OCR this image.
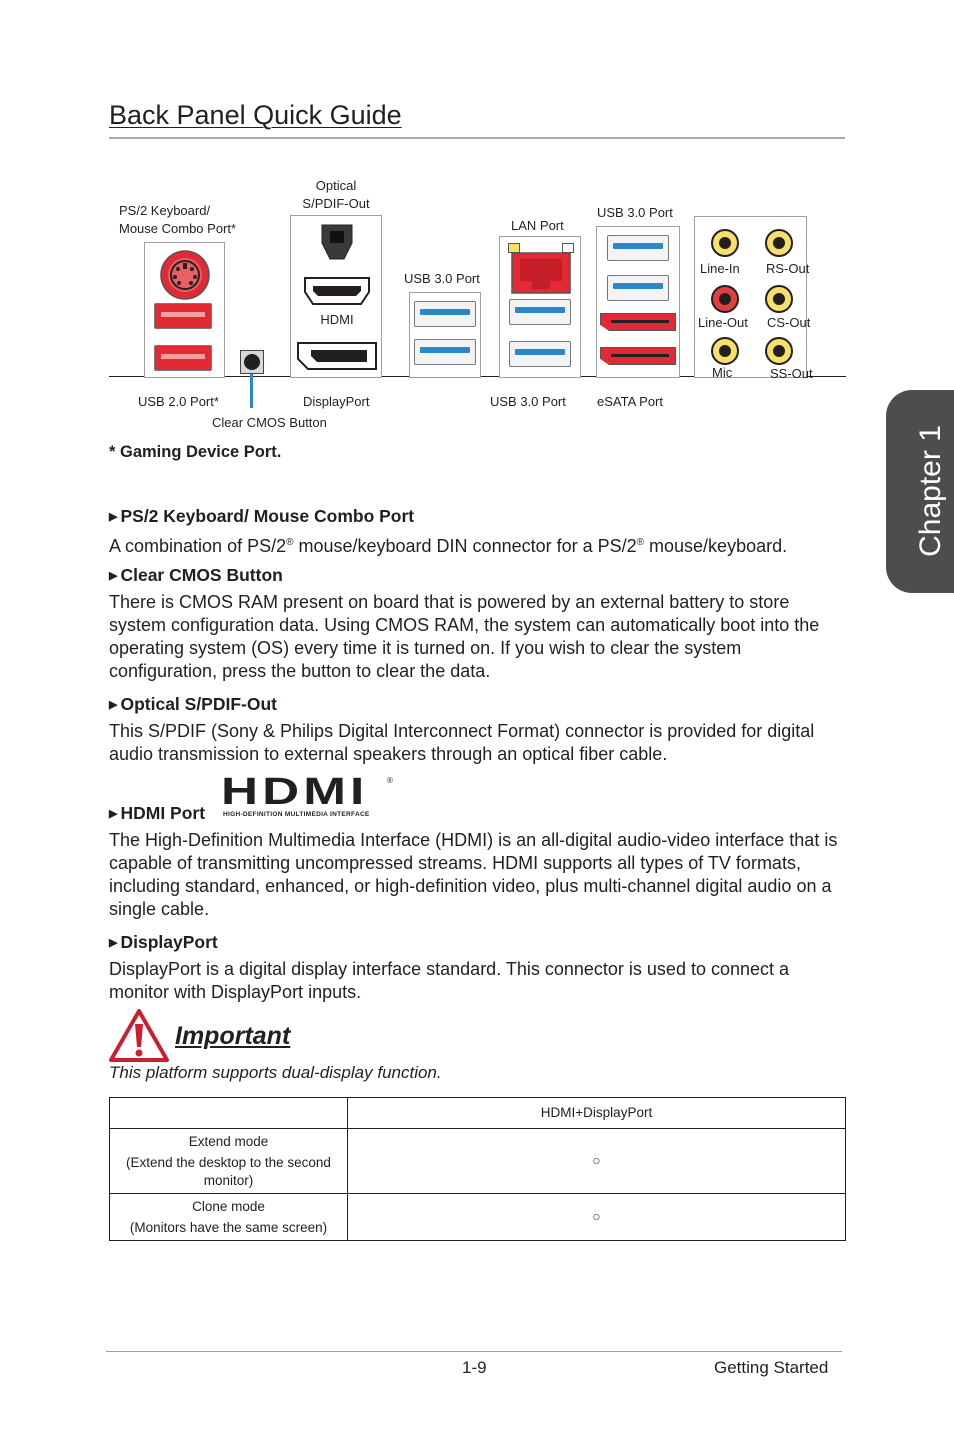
Back Panel Quick Guide
Chapter 1
PS/2 Keyboard/
Mouse Combo Port*
Optical
S/PDIF-Out
LAN Port
USB 3.0 Port
USB 3.0 Port
HDMI
Line-In RS-Out
Line-Out CS-Out
Mic	SS-Out
USB 2.0 Port*	DisplayPort	USB 3.0 Port eSATA Port
Clear CMOS Button
* Gaming Device Port.
▶ PS/2 Keyboard/ Mouse Combo Port
A combination of PS/2® mouse/keyboard DIN connector for a PS/2® mouse/keyboard.
▶ Clear CMOS Button
There is CMOS RAM present on board that is powered by an external battery to store system configuration data. Using CMOS RAM, the system can automatically boot into the operating system (OS) every time it is turned on. If you wish to clear the system configuration, press the button to clear the data.
▶ Optical S/PDIF-Out
This S/PDIF (Sony & Philips Digital Interconnect Format) connector is provided for digital audio transmission to external speakers through an optical fiber cable.
▶ HDMI Port HDMI ®
HIGH-DEFINITION MULTIMEDIA INTERFACE
The High-Definition Multimedia Interface (HDMI) is an all-digital audio-video interface that is capable of transmitting uncompressed streams. HDMI supports all types of TV formats, including standard, enhanced, or high-definition video, plus multi-channel digital audio on a single cable.
▶ DisplayPort
DisplayPort is a digital display interface standard. This connector is used to connect a monitor with DisplayPort inputs.
Important
This platform supports dual-display function.
	HDMI+DisplayPort

Extend mode
(Extend the desktop to the second monitor)	○

Clone mode
(Monitors have the same screen)	○
1-9	Getting Started
